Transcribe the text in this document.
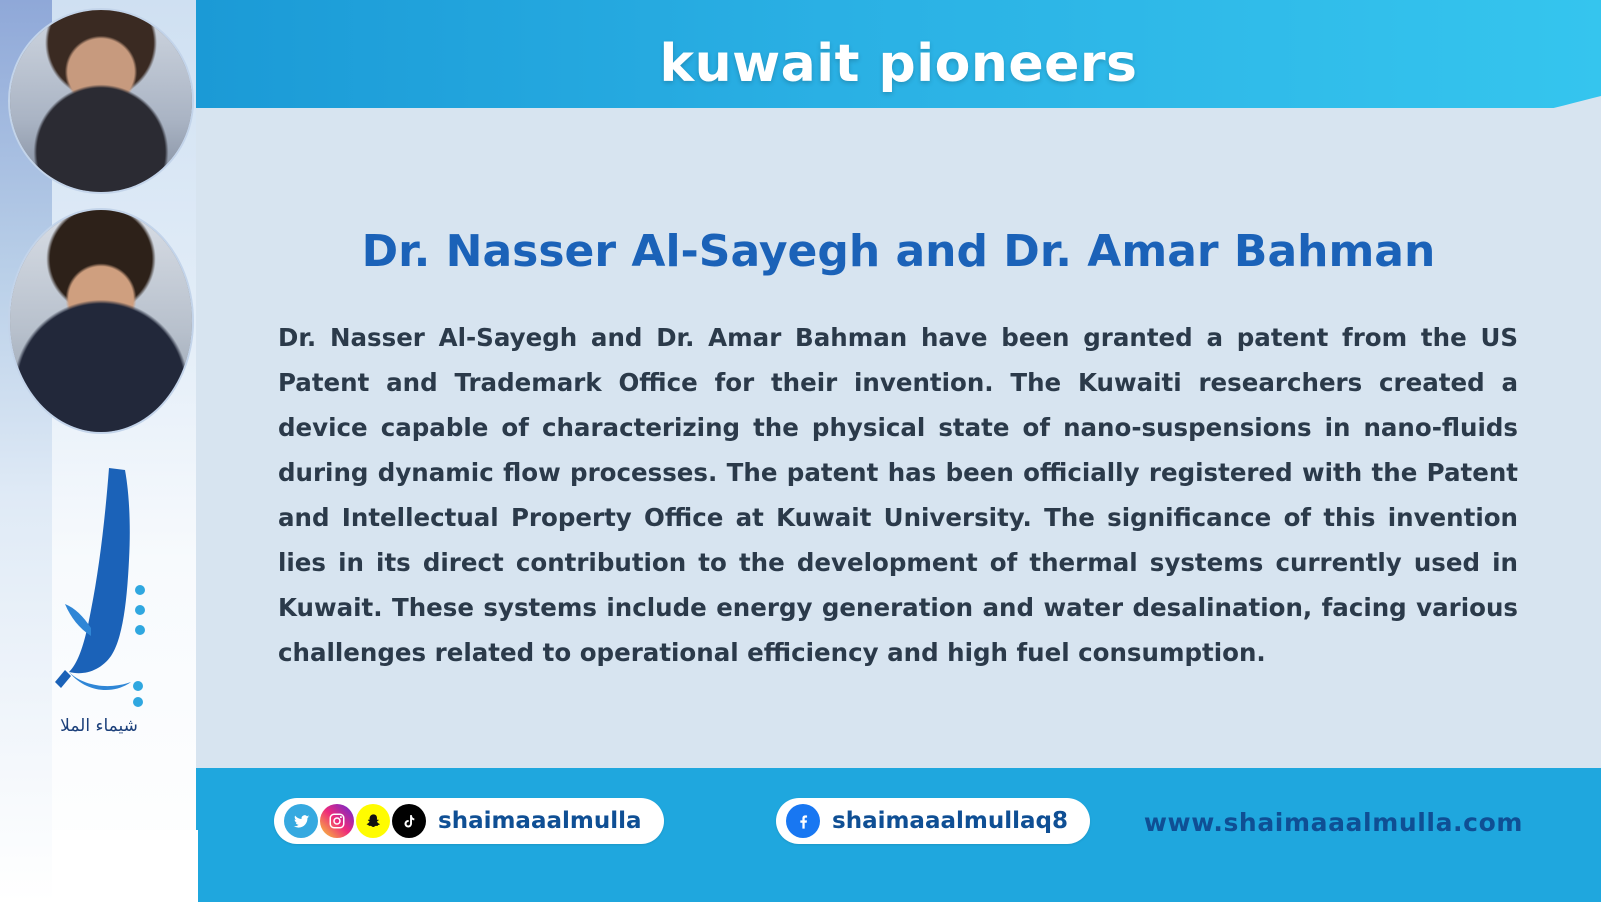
شيماء الملا
kuwait pioneers
Dr. Nasser Al-Sayegh and Dr. Amar Bahman
Dr. Nasser Al-Sayegh and Dr. Amar Bahman have been granted a patent from the US Patent and Trademark Office for their invention. The Kuwaiti researchers created a device capable of characterizing the physical state of nano-suspensions in nano-fluids during dynamic flow processes. The patent has been officially registered with the Patent and Intellectual Property Office at Kuwait University. The significance of this invention lies in its direct contribution to the development of thermal systems currently used in Kuwait. These systems include energy generation and water desalination, facing various challenges related to operational efficiency and high fuel consumption.
shaimaaalmulla	shaimaaalmullaq8	www.shaimaaalmulla.com
